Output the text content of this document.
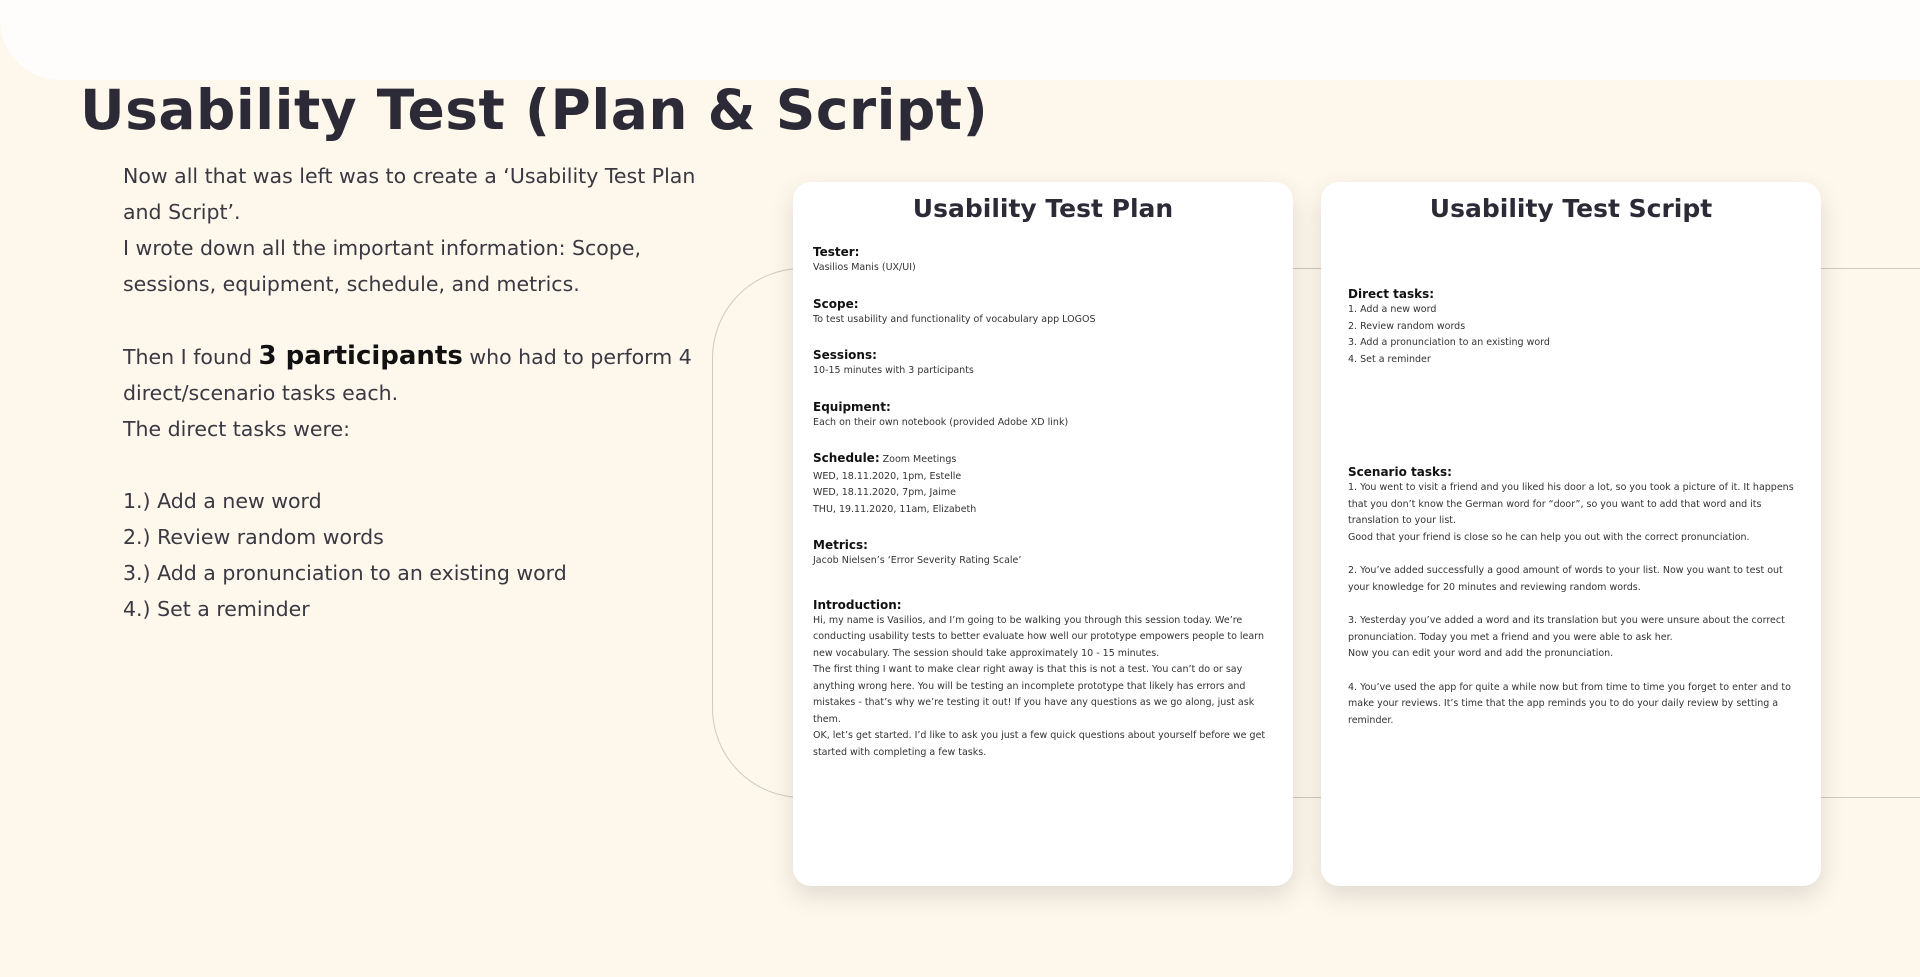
Usability Test (Plan & Script)

Now all that was left was to create a ‘Usability Test Plan and Script’.

I wrote down all the important information: Scope, sessions, equipment, schedule, and metrics.

Then I found 3 participants who had to perform 4 direct/scenario tasks each.

The direct tasks were:

1.) Add a new word

2.) Review random words

3.) Add a pronunciation to an existing word

4.) Set a reminder

Usability Test Plan
Tester:
Vasilios Manis (UX/UI)
Scope:
To test usability and functionality of vocabulary app LOGOS
Sessions:
10-15 minutes with 3 participants
Equipment:
Each on their own notebook (provided Adobe XD link)
Schedule: Zoom Meetings
WED, 18.11.2020, 1pm, Estelle
WED, 18.11.2020, 7pm, Jaime
THU, 19.11.2020, 11am, Elizabeth
Metrics:
Jacob Nielsen’s ‘Error Severity Rating Scale’
Introduction:
Hi, my name is Vasilios, and I’m going to be walking you through this session today. We’re conducting usability tests to better evaluate how well our prototype empowers people to learn new vocabulary. The session should take approximately 10 - 15 minutes.
The first thing I want to make clear right away is that this is not a test. You can’t do or say anything wrong here. You will be testing an incomplete prototype that likely has errors and mistakes - that’s why we’re testing it out! If you have any questions as we go along, just ask them.
OK, let’s get started. I’d like to ask you just a few quick questions about yourself before we get started with completing a few tasks.
Usability Test Script
Direct tasks:
1. Add a new word
2. Review random words
3. Add a pronunciation to an existing word
4. Set a reminder
Scenario tasks:
1. You went to visit a friend and you liked his door a lot, so you took a picture of it. It happens that you don’t know the German word for “door”, so you want to add that word and its translation to your list.
Good that your friend is close so he can help you out with the correct pronunciation.
2. You’ve added successfully a good amount of words to your list. Now you want to test out your knowledge for 20 minutes and reviewing random words.
3. Yesterday you’ve added a word and its translation but you were unsure about the correct pronunciation. Today you met a friend and you were able to ask her.
Now you can edit your word and add the pronunciation.
4. You’ve used the app for quite a while now but from time to time you forget to enter and to make your reviews. It’s time that the app reminds you to do your daily review by setting a reminder.
